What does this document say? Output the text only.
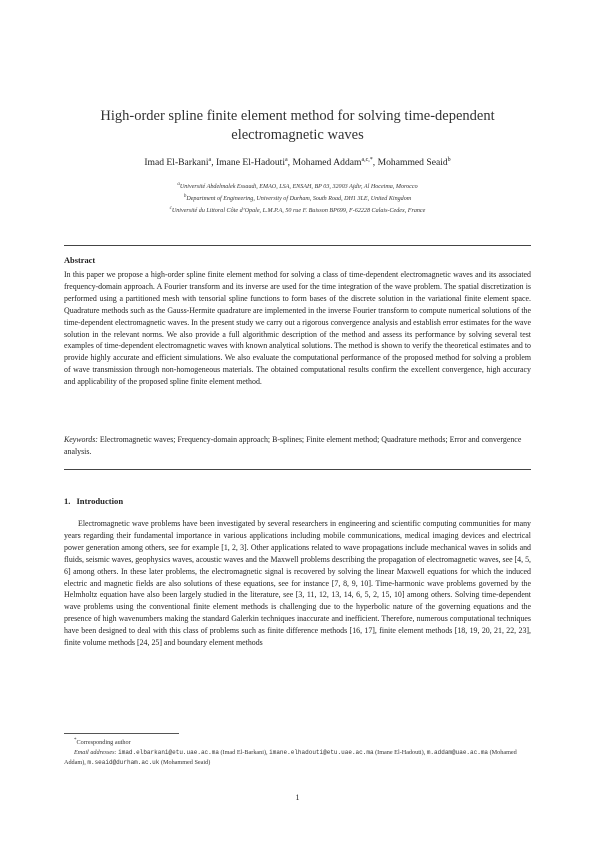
High-order spline finite element method for solving time-dependent electromagnetic waves
Imad El-Barkani$^a$, Imane El-Hadouti$^a$, Mohamed Addam$^{a,c,*}$, Mohammed Seaid$^b$
$^a$Université Abdelmalek Essaadi, EMAO, LSA, ENSAH, BP 03, 32003 Ajdir, Al Hoceima, Morocco
$^b$Department of Engineering, University of Durham, South Road, DH1 3LE, United Kingdom
$^c$Université du Littoral Côte d’Opale, L.M.P.A, 50 rue F. Buisson BP699, F-62228 Calais-Cedex, France
Abstract
In this paper we propose a high-order spline finite element method for solving a class of time-dependent electromagnetic waves and its associated frequency-domain approach. A Fourier transform and its inverse are used for the time integration of the wave problem. The spatial discretization is performed using a partitioned mesh with tensorial spline functions to form bases of the discrete solution in the variational finite element space. Quadrature methods such as the Gauss-Hermite quadrature are implemented in the inverse Fourier transform to compute numerical solutions of the time-dependent electromagnetic waves. In the present study we carry out a rigorous convergence analysis and establish error estimates for the wave solution in the relevant norms. We also provide a full algorithmic description of the method and assess its performance by solving several test examples of time-dependent electromagnetic waves with known analytical solutions. The method is shown to verify the theoretical estimates and to provide highly accurate and efficient simulations. We also evaluate the computational performance of the proposed method for solving a problem of wave transmission through non-homogeneous materials. The obtained computational results confirm the excellent convergence, high accuracy and applicability of the proposed spline finite element method.
Keywords: Electromagnetic waves; Frequency-domain approach; B-splines; Finite element method; Quadrature methods; Error and convergence analysis.
1. Introduction
Electromagnetic wave problems have been investigated by several researchers in engineering and scientific computing communities for many years regarding their fundamental importance in various applications including mobile communications, medical imaging devices and electrical power generation among others, see for example [1, 2, 3]. Other applications related to wave propagations include mechanical waves in solids and fluids, seismic waves, geophysics waves, acoustic waves and the Maxwell problems describing the propagation of electromagnetic waves, see [4, 5, 6] among others. In these later problems, the electromagnetic signal is recovered by solving the linear Maxwell equations for which the induced electric and magnetic fields are also solutions of these equations, see for instance [7, 8, 9, 10]. Time-harmonic wave problems governed by the Helmholtz equation have also been largely studied in the literature, see [3, 11, 12, 13, 14, 6, 5, 2, 15, 10] among others. Solving time-dependent wave problems using the conventional finite element methods is challenging due to the hyperbolic nature of the governing equations and the presence of high wavenumbers making the standard Galerkin techniques inaccurate and inefficient. Therefore, numerous computational techniques have been designed to deal with this class of problems such as finite difference methods [16, 17], finite element methods [18, 19, 20, 21, 22, 23], finite volume methods [24, 25] and boundary element methods
*Corresponding author
Email addresses: imad.elbarkani@etu.uae.ac.ma (Imad El-Barkani), imane.elhadouti@etu.uae.ac.ma (Imane El-Hadouti), m.addam@uae.ac.ma (Mohamed Addam), m.seaid@durham.ac.uk (Mohammed Seaid)
1
